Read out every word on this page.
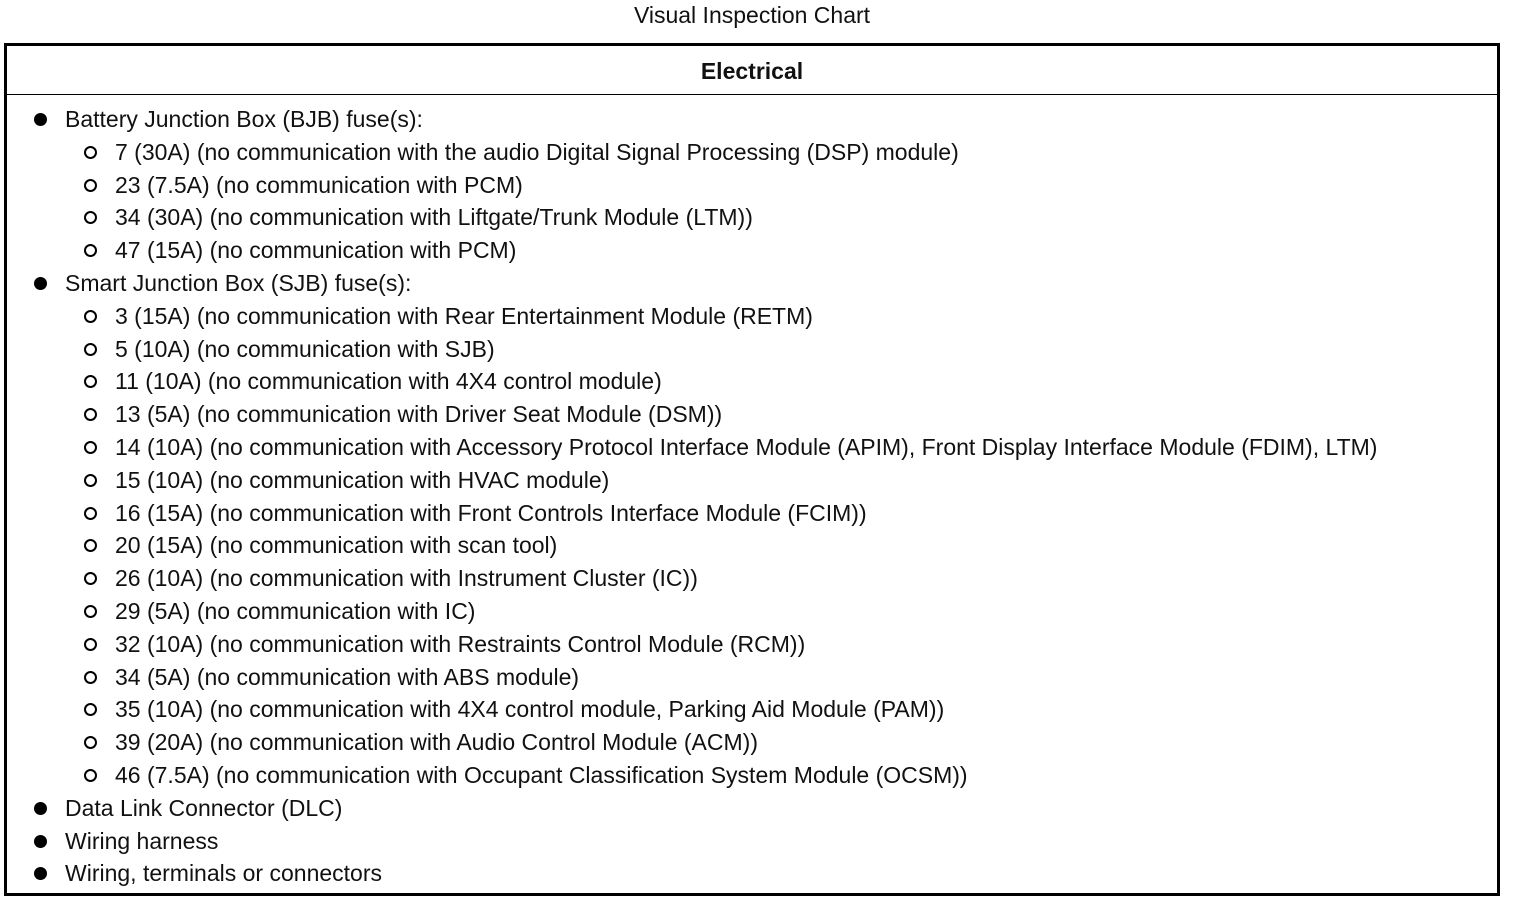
Visual Inspection Chart
Electrical
Battery Junction Box (BJB) fuse(s):
7 (30A) (no communication with the audio Digital Signal Processing (DSP) module)
23 (7.5A) (no communication with PCM)
34 (30A) (no communication with Liftgate/Trunk Module (LTM))
47 (15A) (no communication with PCM)
Smart Junction Box (SJB) fuse(s):
3 (15A) (no communication with Rear Entertainment Module (RETM)
5 (10A) (no communication with SJB)
11 (10A) (no communication with 4X4 control module)
13 (5A) (no communication with Driver Seat Module (DSM))
14 (10A) (no communication with Accessory Protocol Interface Module (APIM), Front Display Interface Module (FDIM), LTM)
15 (10A) (no communication with HVAC module)
16 (15A) (no communication with Front Controls Interface Module (FCIM))
20 (15A) (no communication with scan tool)
26 (10A) (no communication with Instrument Cluster (IC))
29 (5A) (no communication with IC)
32 (10A) (no communication with Restraints Control Module (RCM))
34 (5A) (no communication with ABS module)
35 (10A) (no communication with 4X4 control module, Parking Aid Module (PAM))
39 (20A) (no communication with Audio Control Module (ACM))
46 (7.5A) (no communication with Occupant Classification System Module (OCSM))
Data Link Connector (DLC)
Wiring harness
Wiring, terminals or connectors
